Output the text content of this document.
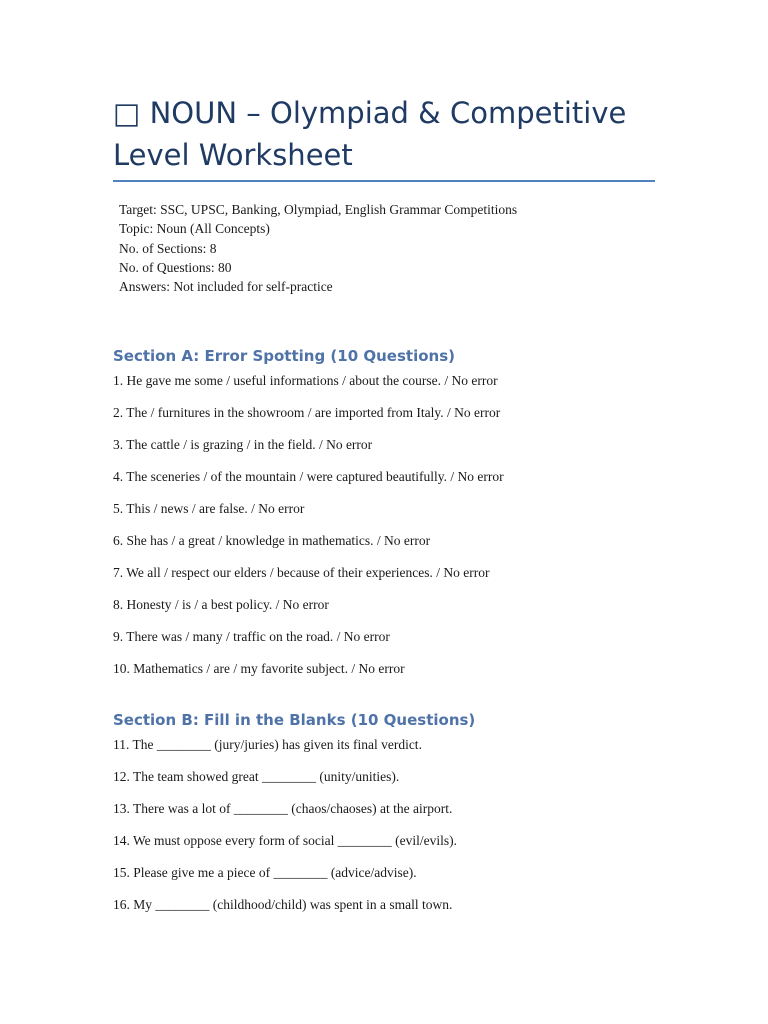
□ NOUN – Olympiad & Competitive Level Worksheet
Target: SSC, UPSC, Banking, Olympiad, English Grammar Competitions
Topic: Noun (All Concepts)
No. of Sections: 8
No. of Questions: 80
Answers: Not included for self-practice
Section A: Error Spotting (10 Questions)
1. He gave me some / useful informations / about the course. / No error
2. The / furnitures in the showroom / are imported from Italy. / No error
3. The cattle / is grazing / in the field. / No error
4. The sceneries / of the mountain / were captured beautifully. / No error
5. This / news / are false. / No error
6. She has / a great / knowledge in mathematics. / No error
7. We all / respect our elders / because of their experiences. / No error
8. Honesty / is / a best policy. / No error
9. There was / many / traffic on the road. / No error
10. Mathematics / are / my favorite subject. / No error
Section B: Fill in the Blanks (10 Questions)
11. The ________ (jury/juries) has given its final verdict.
12. The team showed great ________ (unity/unities).
13. There was a lot of ________ (chaos/chaoses) at the airport.
14. We must oppose every form of social ________ (evil/evils).
15. Please give me a piece of ________ (advice/advise).
16. My ________ (childhood/child) was spent in a small town.
